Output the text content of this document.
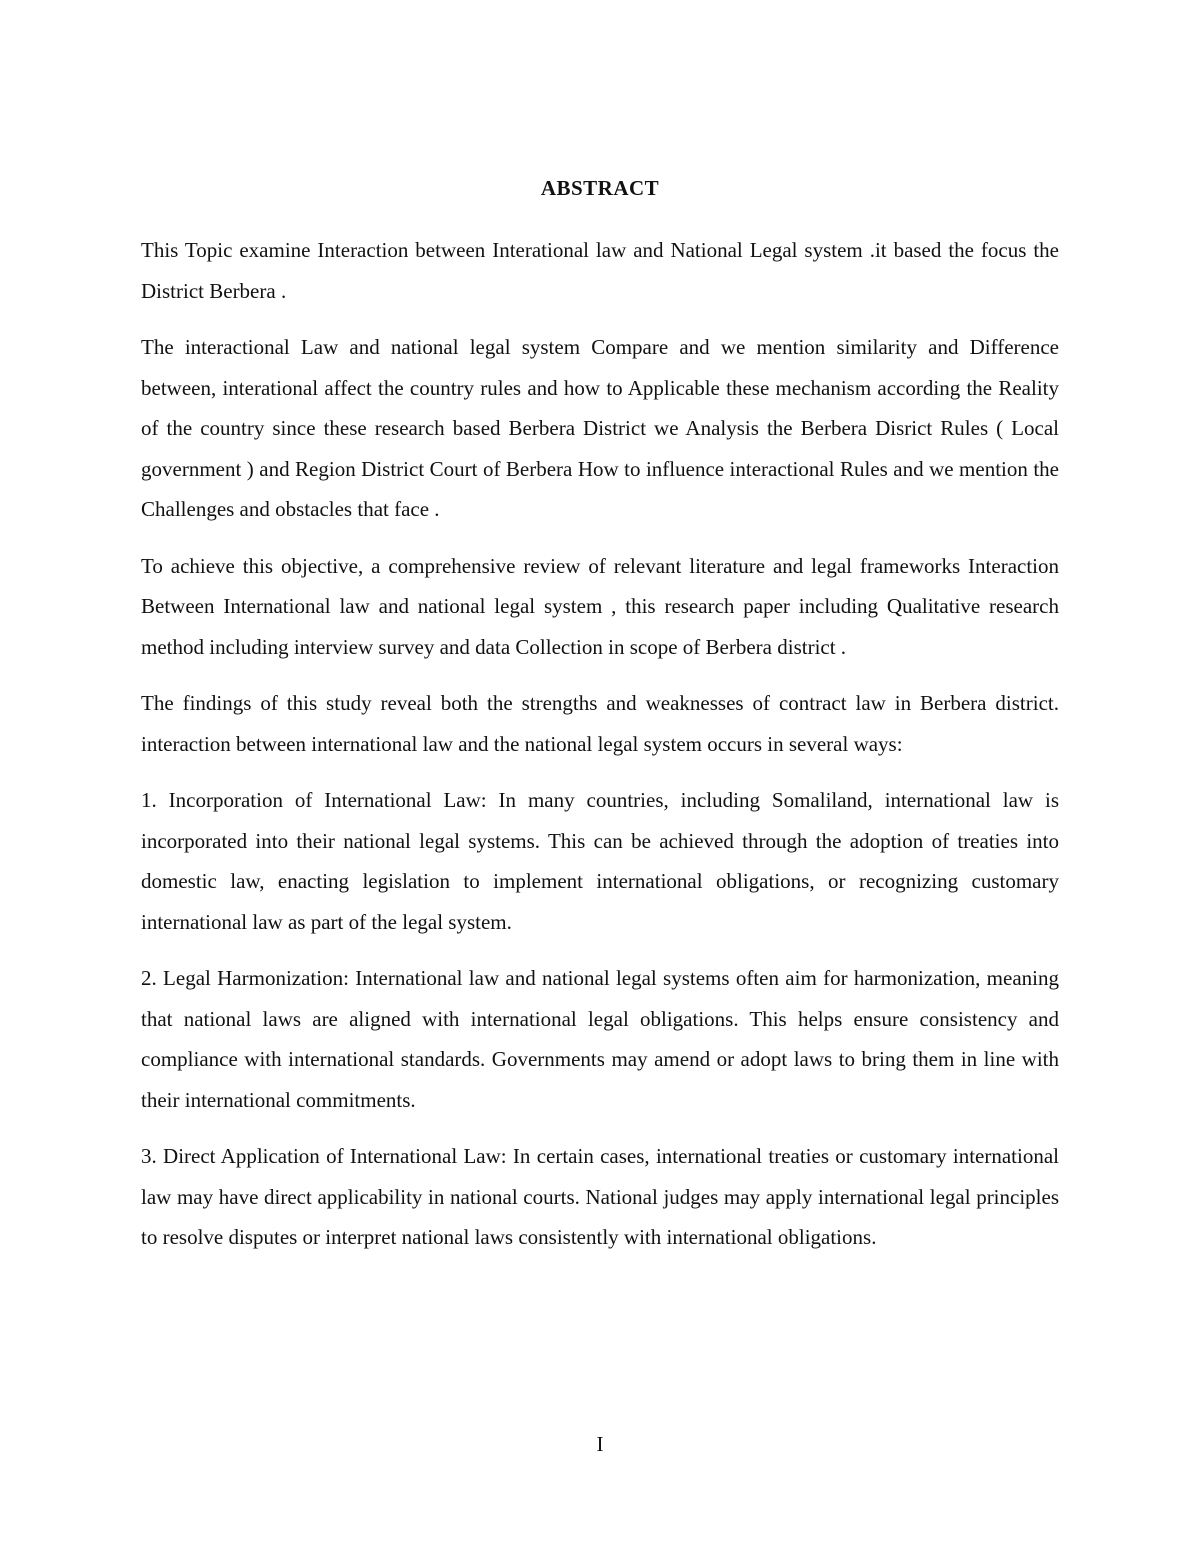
ABSTRACT

This Topic examine Interaction between Interational law and National Legal system .it based the focus the District Berbera .

The interactional Law and national legal system Compare and we mention similarity and Difference between, interational affect the country rules and how to Applicable these mechanism according the Reality of the country since these research based Berbera District we Analysis the Berbera Disrict Rules ( Local government ) and Region District Court of Berbera How to influence interactional Rules and we mention the Challenges and obstacles that face .

To achieve this objective, a comprehensive review of relevant literature and legal frameworks Interaction Between International law and national legal system , this research paper including Qualitative research method including interview survey and data Collection in scope of Berbera district .

The findings of this study reveal both the strengths and weaknesses of contract law in Berbera district. interaction between international law and the national legal system occurs in several ways:

1. Incorporation of International Law: In many countries, including Somaliland, international law is incorporated into their national legal systems. This can be achieved through the adoption of treaties into domestic law, enacting legislation to implement international obligations, or recognizing customary international law as part of the legal system.

2. Legal Harmonization: International law and national legal systems often aim for harmonization, meaning that national laws are aligned with international legal obligations. This helps ensure consistency and compliance with international standards. Governments may amend or adopt laws to bring them in line with their international commitments.

3. Direct Application of International Law: In certain cases, international treaties or customary international law may have direct applicability in national courts. National judges may apply international legal principles to resolve disputes or interpret national laws consistently with international obligations.

I
